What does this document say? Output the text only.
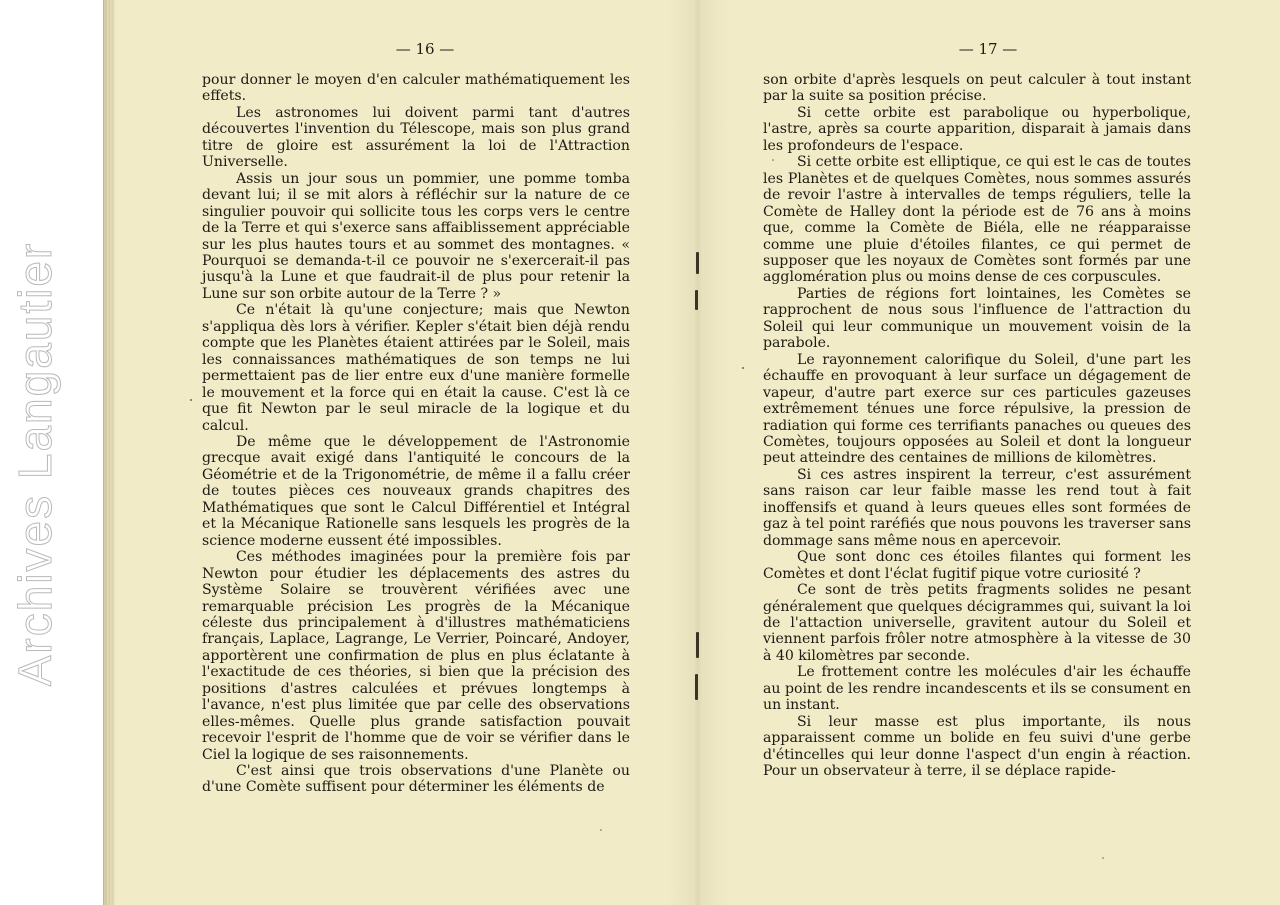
Archives Langautier
— 16 —	— 17 —

pour donner le moyen d'en calculer mathématiquement les effets.

Les astronomes lui doivent parmi tant d'autres découvertes l'invention du Télescope, mais son plus grand titre de gloire est assurément la loi de l'Attraction Universelle.

Assis un jour sous un pommier, une pomme tomba devant lui; il se mit alors à réfléchir sur la nature de ce singulier pouvoir qui sollicite tous les corps vers le centre de la Terre et qui s'exerce sans affaiblissement appréciable sur les plus hautes tours et au sommet des montagnes. « Pourquoi se demanda-t-il ce pouvoir ne s'exercerait-il pas jusqu'à la Lune et que faudrait-il de plus pour retenir la Lune sur son orbite autour de la Terre ? »

Ce n'était là qu'une conjecture; mais que Newton s'appliqua dès lors à vérifier. Kepler s'était bien déjà rendu compte que les Planètes étaient attirées par le Soleil, mais les connaissances mathématiques de son temps ne lui permettaient pas de lier entre eux d'une manière formelle le mouvement et la force qui en était la cause. C'est là ce que fit Newton par le seul miracle de la logique et du calcul.

De même que le développement de l'Astronomie grecque avait exigé dans l'antiquité le concours de la Géométrie et de la Trigonométrie, de même il a fallu créer de toutes pièces ces nouveaux grands chapitres des Mathématiques que sont le Calcul Différentiel et Intégral et la Mécanique Rationelle sans lesquels les progrès de la science moderne eussent été impossibles.

Ces méthodes imaginées pour la première fois par Newton pour étudier les déplacements des astres du Système Solaire se trouvèrent vérifiées avec une remarquable précision Les progrès de la Mécanique céleste dus principalement à d'illustres mathématiciens français, Laplace, Lagrange, Le Verrier, Poincaré, Andoyer, apportèrent une confirmation de plus en plus éclatante à l'exactitude de ces théories, si bien que la précision des positions d'astres calculées et prévues longtemps à l'avance, n'est plus limitée que par celle des observations elles-mêmes. Quelle plus grande satisfaction pouvait recevoir l'esprit de l'homme que de voir se vérifier dans le Ciel la logique de ses raisonnements.

C'est ainsi que trois observations d'une Planète ou d'une Comète suffisent pour déterminer les éléments de

son orbite d'après lesquels on peut calculer à tout instant par la suite sa position précise.

Si cette orbite est parabolique ou hyperbolique, l'astre, après sa courte apparition, disparait à jamais dans les profondeurs de l'espace.

Si cette orbite est elliptique, ce qui est le cas de toutes les Planètes et de quelques Comètes, nous sommes assurés de revoir l'astre à intervalles de temps réguliers, telle la Comète de Halley dont la période est de 76 ans à moins que, comme la Comète de Biéla, elle ne réapparaisse comme une pluie d'étoiles filantes, ce qui permet de supposer que les noyaux de Comètes sont formés par une agglomération plus ou moins dense de ces corpuscules.

Parties de régions fort lointaines, les Comètes se rapprochent de nous sous l'influence de l'attraction du Soleil qui leur communique un mouvement voisin de la parabole.

Le rayonnement calorifique du Soleil, d'une part les échauffe en provoquant à leur surface un dégagement de vapeur, d'autre part exerce sur ces particules gazeuses extrêmement ténues une force répulsive, la pression de radiation qui forme ces terrifiants panaches ou queues des Comètes, toujours opposées au Soleil et dont la longueur peut atteindre des centaines de millions de kilomètres.

Si ces astres inspirent la terreur, c'est assurément sans raison car leur faible masse les rend tout à fait inoffensifs et quand à leurs queues elles sont formées de gaz à tel point raréfiés que nous pouvons les traverser sans dommage sans même nous en apercevoir.

Que sont donc ces étoiles filantes qui forment les Comètes et dont l'éclat fugitif pique votre curiosité ?

Ce sont de très petits fragments solides ne pesant généralement que quelques décigrammes qui, suivant la loi de l'attaction universelle, gravitent autour du Soleil et viennent parfois frôler notre atmosphère à la vitesse de 30 à 40 kilomètres par seconde.

Le frottement contre les molécules d'air les échauffe au point de les rendre incandescents et ils se consument en un instant.

Si leur masse est plus importante, ils nous apparaissent comme un bolide en feu suivi d'une gerbe d'étincelles qui leur donne l'aspect d'un engin à réaction. Pour un observateur à terre, il se déplace rapide-
